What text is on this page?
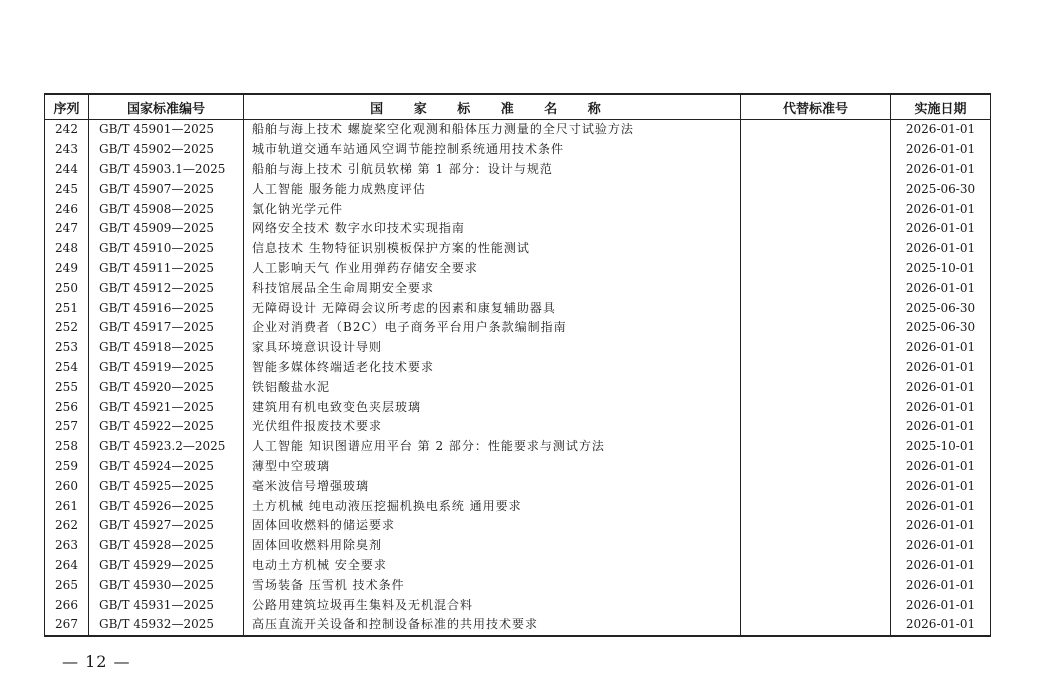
序列	国家标准编号	国 家 标 准 名 称	代替标准号	实施日期
242	GB/T 45901—2025	船舶与海上技术 螺旋桨空化观测和船体压力测量的全尺寸试验方法		2026-01-01
243	GB/T 45902—2025	城市轨道交通车站通风空调节能控制系统通用技术条件		2026-01-01
244	GB/T 45903.1—2025	船舶与海上技术 引航员软梯 第 1 部分：设计与规范		2026-01-01
245	GB/T 45907—2025	人工智能 服务能力成熟度评估		2025-06-30
246	GB/T 45908—2025	氯化钠光学元件		2026-01-01
247	GB/T 45909—2025	网络安全技术 数字水印技术实现指南		2026-01-01
248	GB/T 45910—2025	信息技术 生物特征识别模板保护方案的性能测试		2026-01-01
249	GB/T 45911—2025	人工影响天气 作业用弹药存储安全要求		2025-10-01
250	GB/T 45912—2025	科技馆展品全生命周期安全要求		2026-01-01
251	GB/T 45916—2025	无障碍设计 无障碍会议所考虑的因素和康复辅助器具		2025-06-30
252	GB/T 45917—2025	企业对消费者（B2C）电子商务平台用户条款编制指南		2025-06-30
253	GB/T 45918—2025	家具环境意识设计导则		2026-01-01
254	GB/T 45919—2025	智能多媒体终端适老化技术要求		2026-01-01
255	GB/T 45920—2025	铁铝酸盐水泥		2026-01-01
256	GB/T 45921—2025	建筑用有机电致变色夹层玻璃		2026-01-01
257	GB/T 45922—2025	光伏组件报废技术要求		2026-01-01
258	GB/T 45923.2—2025	人工智能 知识图谱应用平台 第 2 部分：性能要求与测试方法		2025-10-01
259	GB/T 45924—2025	薄型中空玻璃		2026-01-01
260	GB/T 45925—2025	毫米波信号增强玻璃		2026-01-01
261	GB/T 45926—2025	土方机械 纯电动液压挖掘机换电系统 通用要求		2026-01-01
262	GB/T 45927—2025	固体回收燃料的储运要求		2026-01-01
263	GB/T 45928—2025	固体回收燃料用除臭剂		2026-01-01
264	GB/T 45929—2025	电动土方机械 安全要求		2026-01-01
265	GB/T 45930—2025	雪场装备 压雪机 技术条件		2026-01-01
266	GB/T 45931—2025	公路用建筑垃圾再生集料及无机混合料		2026-01-01
267	GB/T 45932—2025	高压直流开关设备和控制设备标准的共用技术要求		2026-01-01
— 12 —
